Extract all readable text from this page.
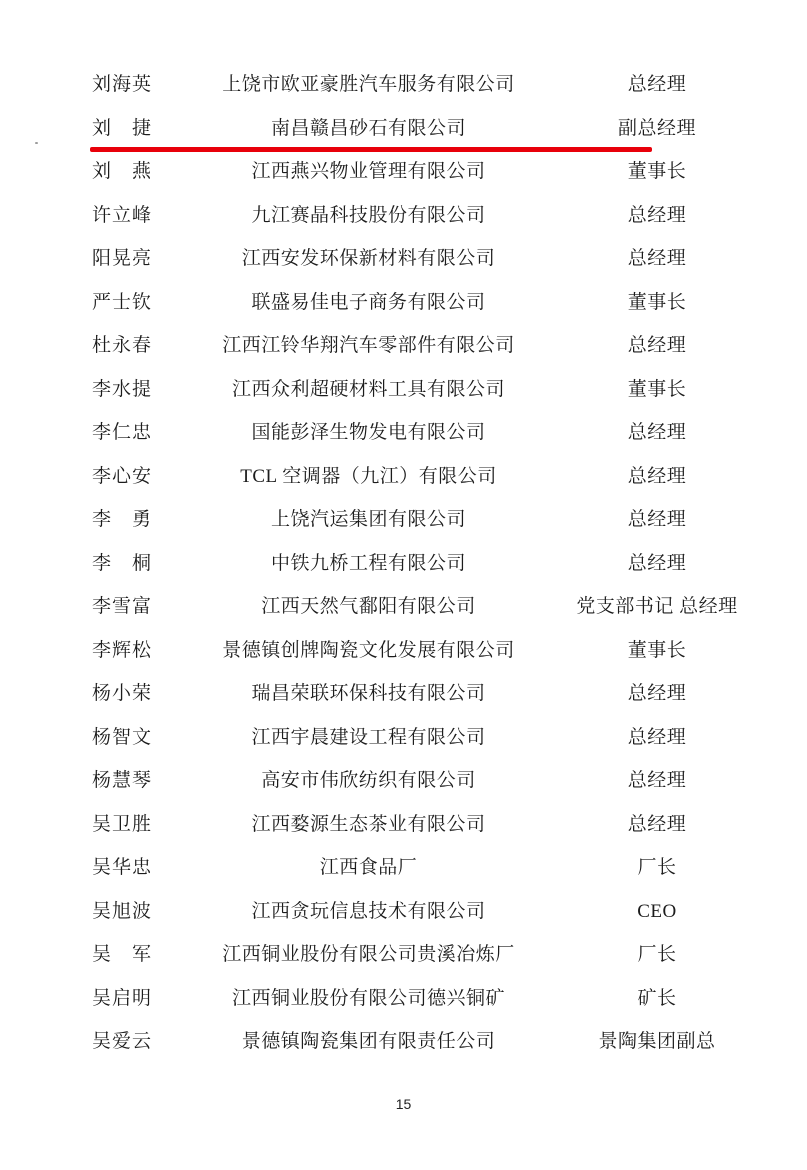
刘海英	上饶市欧亚豪胜汽车服务有限公司	总经理
刘　捷	南昌赣昌砂石有限公司	副总经理
刘　燕	江西燕兴物业管理有限公司	董事长
许立峰	九江赛晶科技股份有限公司	总经理
阳晃亮	江西安发环保新材料有限公司	总经理
严士钦	联盛易佳电子商务有限公司	董事长
杜永春	江西江铃华翔汽车零部件有限公司	总经理
李水提	江西众利超硬材料工具有限公司	董事长
李仁忠	国能彭泽生物发电有限公司	总经理
李心安	TCL 空调器（九江）有限公司	总经理
李　勇	上饶汽运集团有限公司	总经理
李　桐	中铁九桥工程有限公司	总经理
李雪富	江西天然气鄱阳有限公司	党支部书记 总经理
李辉松	景德镇创牌陶瓷文化发展有限公司	董事长
杨小荣	瑞昌荣联环保科技有限公司	总经理
杨智文	江西宇晨建设工程有限公司	总经理
杨慧琴	高安市伟欣纺织有限公司	总经理
吴卫胜	江西婺源生态茶业有限公司	总经理
吴华忠	江西食品厂	厂长
吴旭波	江西贪玩信息技术有限公司	CEO
吴　军	江西铜业股份有限公司贵溪冶炼厂	厂长
吴启明	江西铜业股份有限公司德兴铜矿	矿长
吴爱云	景德镇陶瓷集团有限责任公司	景陶集团副总
15
